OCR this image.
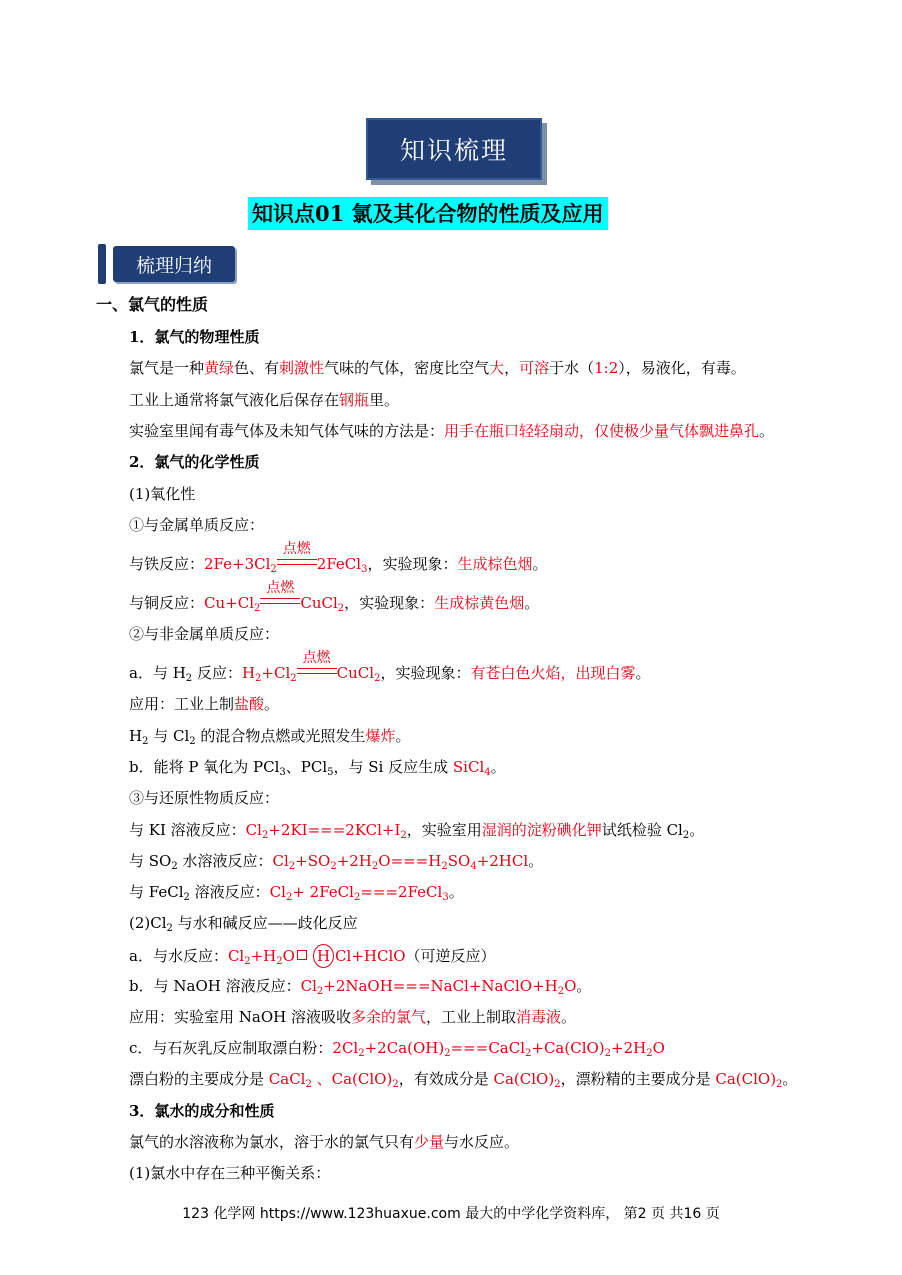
知识梳理
知识点01 氯及其化合物的性质及应用
梳理归纳
一、氯气的性质
1．氯气的物理性质
氯气是一种黄绿色、有刺激性气味的气体，密度比空气大，可溶于水（1:2），易液化，有毒。
工业上通常将氯气液化后保存在钢瓶里。
实验室里闻有毒气体及未知气体气味的方法是：用手在瓶口轻轻扇动，仅使极少量气体飘进鼻孔。
2．氯气的化学性质
(1)氧化性
①与金属单质反应：
与铁反应：$2Fe+3Cl_2$
点燃
2FeCl$_3$，实验现象：生成棕色烟。
与铜反应：$Cu+Cl_2$
点燃
CuCl$_2$，实验现象：生成棕黄色烟。
②与非金属单质反应：
a．与 $H_2$ 反应：$H_2+Cl_2$
点燃
CuCl$_2$，实验现象：有苍白色火焰，出现白雾。
应用：工业上制盐酸。
$H_2$ 与 $Cl_2$ 的混合物点燃或光照发生爆炸。
b．能将 P 氧化为 PCl$_3$、PCl$_5$，与 Si 反应生成 SiCl$_4$。
③与还原性物质反应：
与 KI 溶液反应：$Cl_2+2KI===2KCl+I_2$，实验室用湿润的淀粉碘化钾试纸检验 $Cl_2$。
与 $SO_2$ 水溶液反应：$Cl_2+SO_2+2H_2O===H_2SO_4+2HCl$。
与 FeCl$_2$ 溶液反应：$Cl_2+$ 2FeCl$_2$===2FeCl$_3$。
$(2)Cl_2$ 与水和碱反应——歧化反应
a．与水反应：$Cl_2+H_2O$ H Cl+HClO（可逆反应）
b．与 NaOH 溶液反应：$Cl_2+2NaOH===NaCl+NaClO+H_2O$。
应用：实验室用 NaOH 溶液吸收多余的氯气，工业上制取消毒液。
c．与石灰乳反应制取漂白粉：$2Cl_2+2Ca(OH)_2===CaCl_2+Ca(ClO)_2+2H_2O$
漂白粉的主要成分是 CaCl$_2$ 、$Ca(ClO)_2$，有效成分是 $Ca(ClO)_2$，漂粉精的主要成分是 $Ca(ClO)_2$。
3．氯水的成分和性质
氯气的水溶液称为氯水，溶于水的氯气只有少量与水反应。
(1)氯水中存在三种平衡关系：
123 化学网 https://www.123huaxue.com 最大的中学化学资料库， 第2 页 共16 页
